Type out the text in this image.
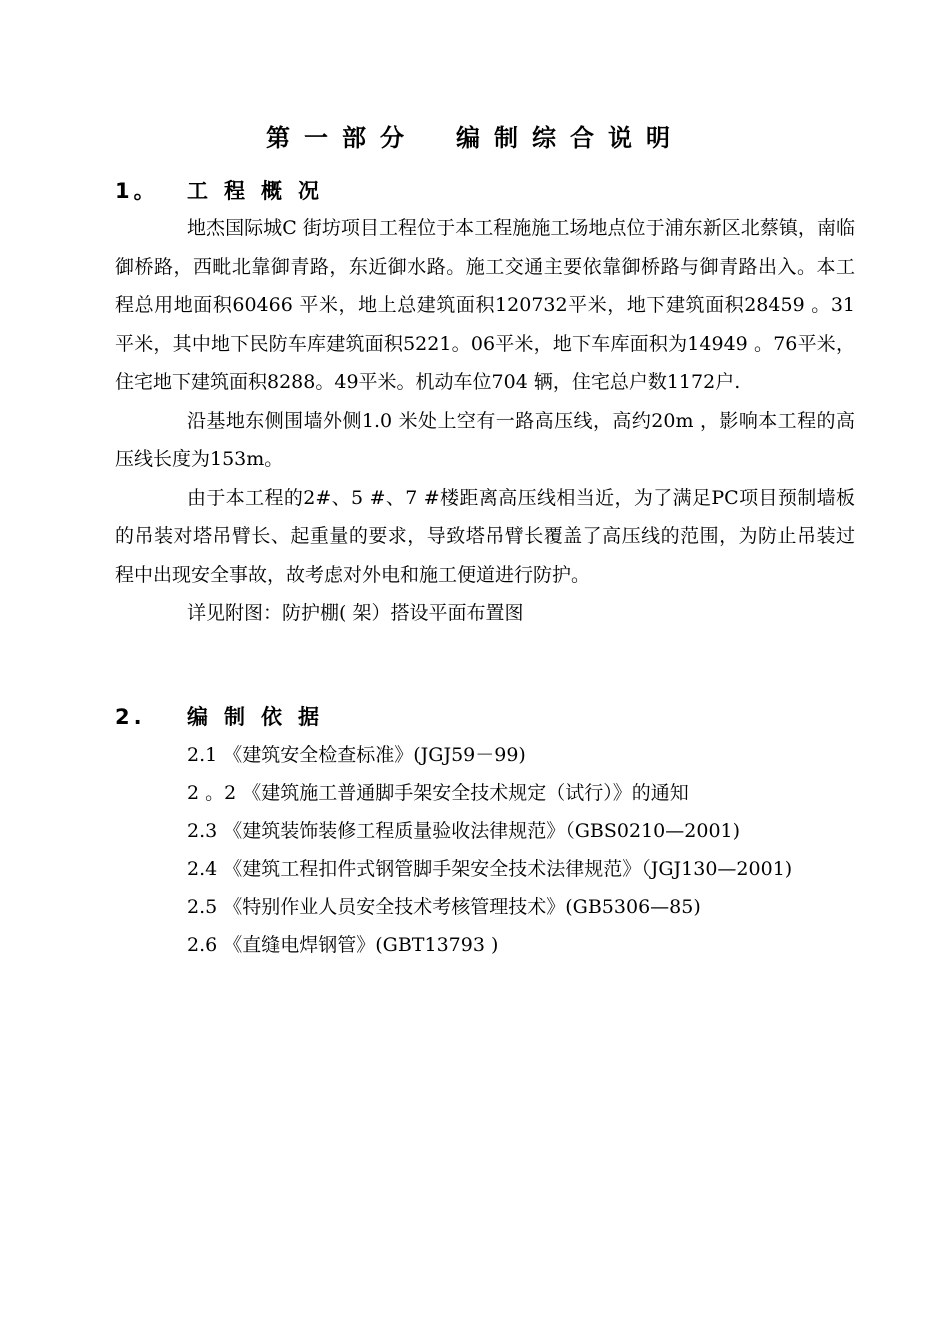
第一部分　编制综合说明
1。 工程概况

地杰国际城C 街坊项目工程位于本工程施施工场地点位于浦东新区北蔡镇，南临御桥路，西毗北靠御青路，东近御水路。施工交通主要依靠御桥路与御青路出入。本工程总用地面积60466 平米，地上总建筑面积120732平米，地下建筑面积28459 。31平米，其中地下民防车库建筑面积5221。06平米，地下车库面积为14949 。76平米，住宅地下建筑面积8288。49平米。机动车位704 辆，住宅总户数1172户.

沿基地东侧围墙外侧1.0 米处上空有一路高压线，高约20m ，影响本工程的高压线长度为153m。

由于本工程的2#、5 #、7 #楼距离高压线相当近，为了满足PC项目预制墙板的吊装对塔吊臂长、起重量的要求，导致塔吊臂长覆盖了高压线的范围，为防止吊装过程中出现安全事故，故考虑对外电和施工便道进行防护。

详见附图：防护棚( 架）搭设平面布置图

2. 编制依据

2.1 《建筑安全检查标准》(JGJ59－99)

2 。2 《建筑施工普通脚手架安全技术规定（试行）》的通知

2.3 《建筑装饰装修工程质量验收法律规范》（GBS0210—2001)

2.4 《建筑工程扣件式钢管脚手架安全技术法律规范》（JGJ130—2001)

2.5 《特别作业人员安全技术考核管理技术》(GB5306—85)

2.6 《直缝电焊钢管》(GBT13793 )
